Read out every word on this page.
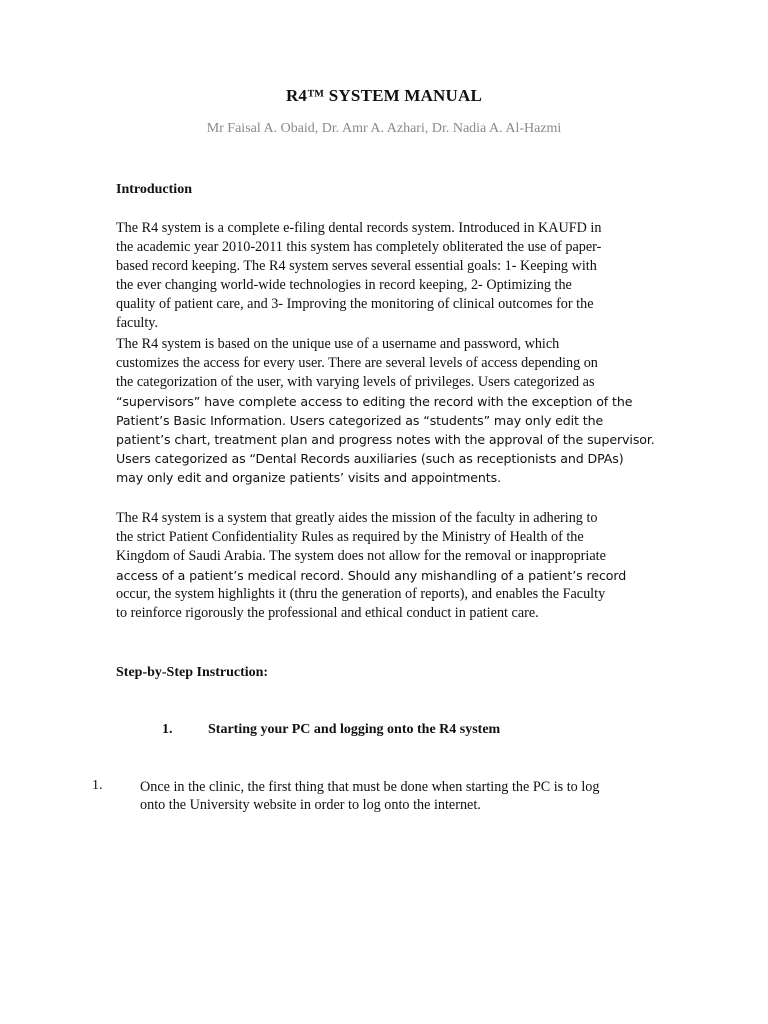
R4™ SYSTEM MANUAL
Mr Faisal A. Obaid, Dr. Amr A. Azhari, Dr. Nadia A. Al-Hazmi
Introduction
The R4 system is a complete e-filing dental records system. Introduced in KAUFD in
the academic year 2010-2011 this system has completely obliterated the use of paper-
based record keeping. The R4 system serves several essential goals: 1- Keeping with
the ever changing world-wide technologies in record keeping, 2- Optimizing the
quality of patient care, and 3- Improving the monitoring of clinical outcomes for the
faculty.
The R4 system is based on the unique use of a username and password, which
customizes the access for every user. There are several levels of access depending on
the categorization of the user, with varying levels of privileges. Users categorized as
“supervisors” have complete access to editing the record with the exception of the
Patient’s Basic Information. Users categorized as “students” may only edit the
patient’s chart, treatment plan and progress notes with the approval of the supervisor.
Users categorized as “Dental Records auxiliaries (such as receptionists and DPAs)
may only edit and organize patients’ visits and appointments.
The R4 system is a system that greatly aides the mission of the faculty in adhering to
the strict Patient Confidentiality Rules as required by the Ministry of Health of the
Kingdom of Saudi Arabia. The system does not allow for the removal or inappropriate
access of a patient’s medical record. Should any mishandling of a patient’s record
occur, the system highlights it (thru the generation of reports), and enables the Faculty
to reinforce rigorously the professional and ethical conduct in patient care.
Step-by-Step Instruction:
1.	Starting your PC and logging onto the R4 system
1.	Once in the clinic, the first thing that must be done when starting the PC is to log
onto the University website in order to log onto the internet.
